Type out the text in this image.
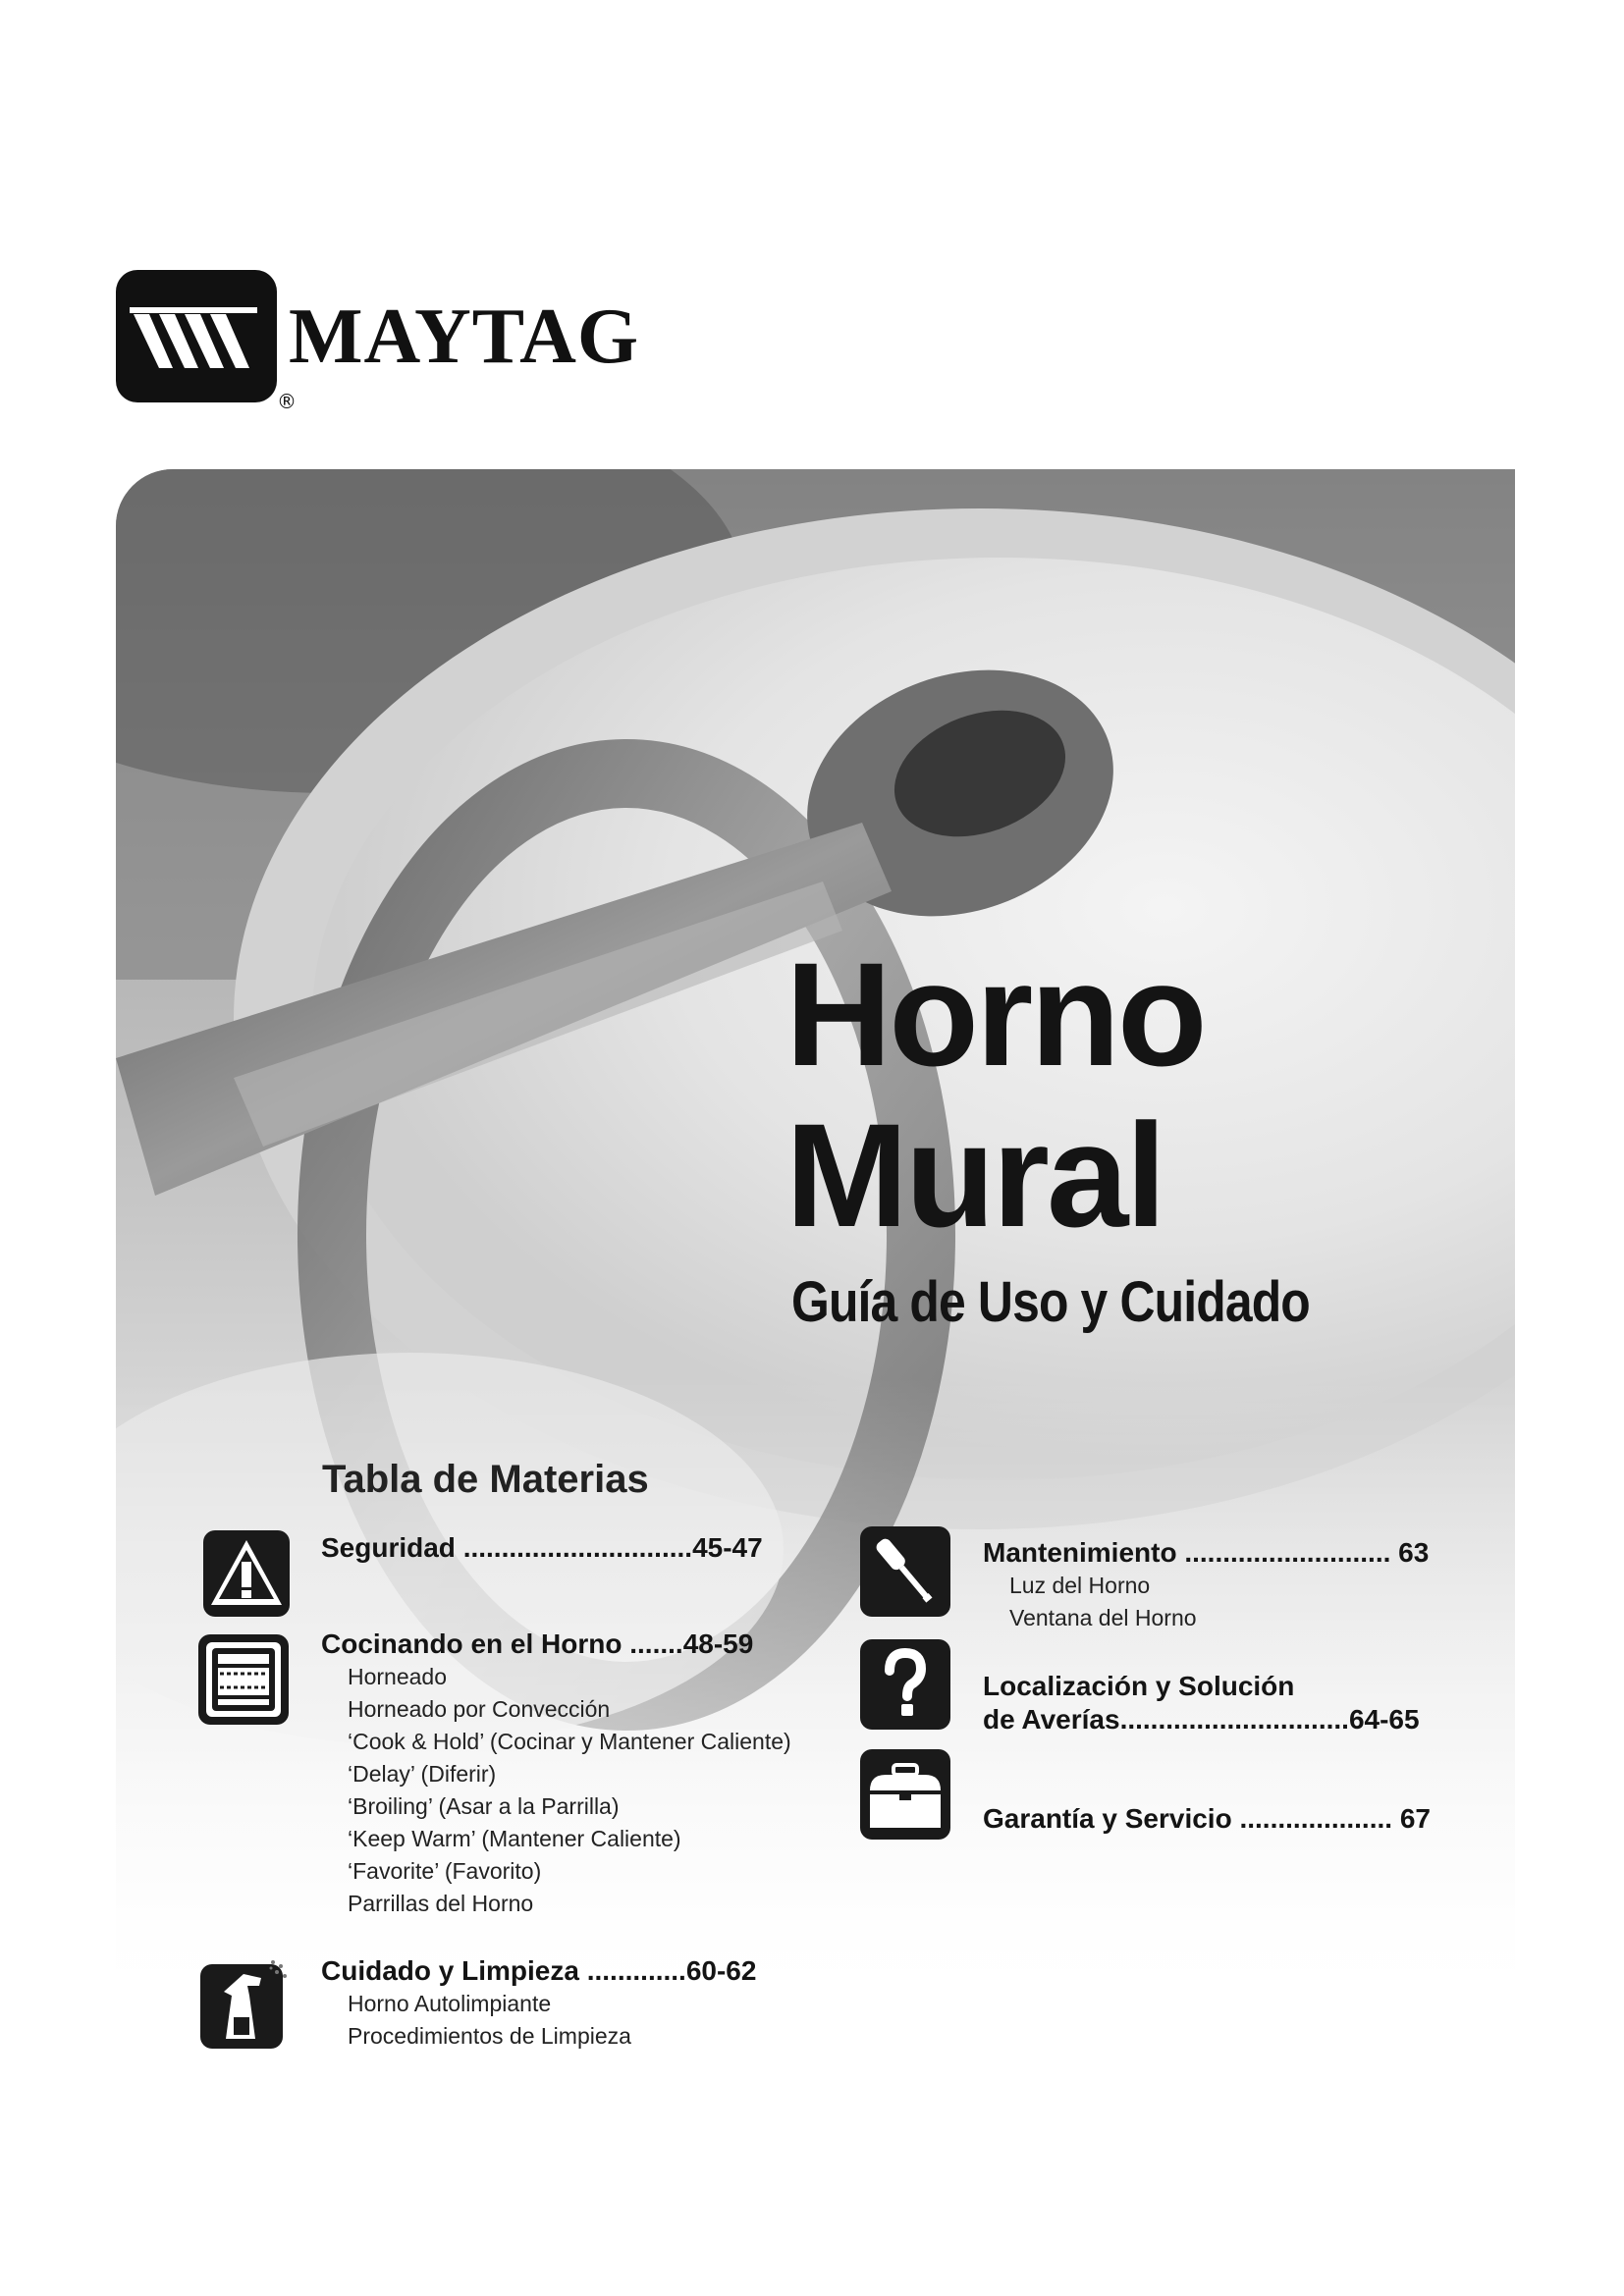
MAYTAG
®
Horno
Mural
Guía de Uso y Cuidado
Tabla de Materias
Seguridad ..............................45-47
Cocinando en el Horno .......48-59
Horneado
Horneado por Convección
‘Cook & Hold’ (Cocinar y Mantener Caliente)
‘Delay’ (Diferir)
‘Broiling’ (Asar a la Parrilla)
‘Keep Warm’ (Mantener Caliente)
‘Favorite’ (Favorito)
Parrillas del Horno
Cuidado y Limpieza .............60-62
Horno Autolimpiante
Procedimientos de Limpieza
Mantenimiento ........................... 63
Luz del Horno
Ventana del Horno
Localización y Solución
de Averías..............................64-65
Garantía y Servicio .................... 67
